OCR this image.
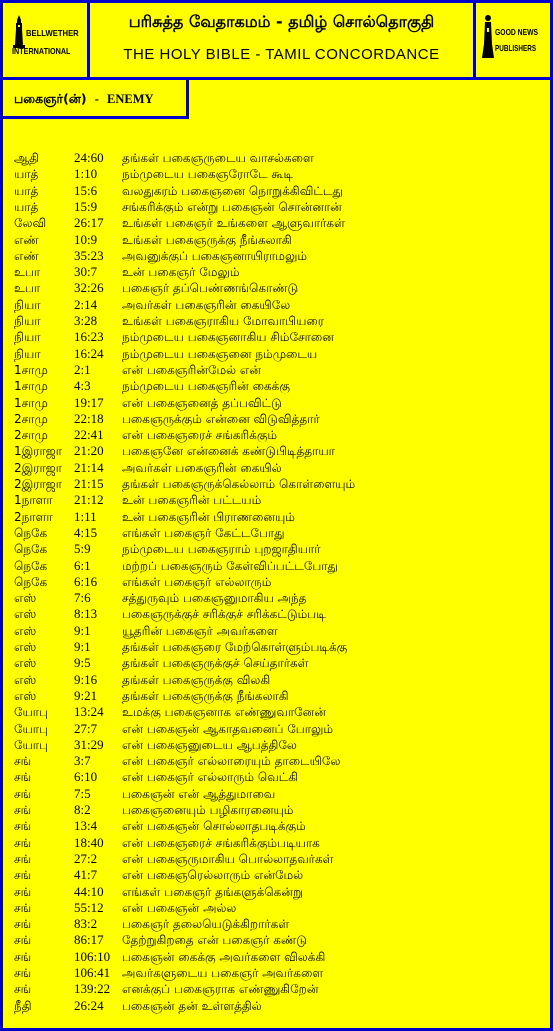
BELLWETHER
INTERNATIONAL
பரிசுத்த வேதாகமம் - தமிழ் சொல்தொகுதி
THE HOLY BIBLE - TAMIL CONCORDANCE
GOOD NEWS
PUBLISHERS
பகைஞர்(ன்) - ENEMY
ஆதி	24:60	தங்கள் பகைஞருடைய வாசல்களை
யாத்	1:10	நம்முடைய பகைஞரோடே கூடி
யாத்	15:6	வலதுகரம் பகைஞனை நொறுக்கிவிட்டது
யாத்	15:9	சங்கரிக்கும் என்று பகைஞன் சொன்னான்
லேவி	26:17	உங்கள் பகைஞர் உங்களை ஆளுவார்கள்
எண்	10:9	உங்கள் பகைஞருக்கு நீங்கலாகி
எண்	35:23	அவனுக்குப் பகைஞனாயிராமலும்
உபா	30:7	உன் பகைஞர் மேலும்
உபா	32:26	பகைஞர் தப்பெண்ணங்கொண்டு
நியா	2:14	அவர்கள் பகைஞரின் கையிலே
நியா	3:28	உங்கள் பகைஞராகிய மோவாபியரை
நியா	16:23	நம்முடைய பகைஞனாகிய சிம்சோனை
நியா	16:24	நம்முடைய பகைஞனை நம்முடைய
1சாமு	2:1	என் பகைஞரின்மேல் என்
1சாமு	4:3	நம்முடைய பகைஞரின் கைக்கு
1சாமு	19:17	என் பகைஞனைத் தப்பவிட்டு
2சாமு	22:18	பகைஞருக்கும் என்னை விடுவித்தார்
2சாமு	22:41	என் பகைஞரைச் சங்கரிக்கும்
1இராஜா 21:20	பகைஞனே என்னைக் கண்டுபிடித்தாயா
2இராஜா 21:14	அவர்கள் பகைஞரின் கையில்
2இராஜா 21:15	தங்கள் பகைஞருக்கெல்லாம் கொள்ளையும்
1நாளா	21:12	உன் பகைஞரின் பட்டயம்
2நாளா	1:11	உன் பகைஞரின் பிராணனையும்
நெகே	4:15	எங்கள் பகைஞர் கேட்டபோது
நெகே	5:9	நம்முடைய பகைஞராம் புறஜாதியார்
நெகே	6:1	மற்றப் பகைஞரும் கேள்விப்பட்டபோது
நெகே	6:16	எங்கள் பகைஞர் எல்லாரும்
எஸ்	7:6	சத்துருவும் பகைஞனுமாகிய அந்த
எஸ்	8:13	பகைஞருக்குச் சரிக்குச் சரிக்கட்டும்படி
எஸ்	9:1	யூதரின் பகைஞர் அவர்களை
எஸ்	9:1	தங்கள் பகைஞரை மேற்கொள்ளும்படிக்கு
எஸ்	9:5	தங்கள் பகைஞருக்குச் செய்தார்கள்
எஸ்	9:16	தங்கள் பகைஞருக்கு விலகி
எஸ்	9:21	தங்கள் பகைஞருக்கு நீங்கலாகி
யோபு	13:24	உமக்கு பகைஞனாக எண்ணுவானேன்
யோபு	27:7	என் பகைஞன் ஆகாதவனைப் போலும்
யோபு	31:29	என் பகைஞனுடைய ஆபத்திலே
சங்	3:7	என் பகைஞர் எல்லாரையும் தாடையிலே
சங்	6:10	என் பகைஞர் எல்லாரும் வெட்கி
சங்	7:5	பகைஞன் என் ஆத்துமாவை
சங்	8:2	பகைஞனையும் பழிகாரனையும்
சங்	13:4	என் பகைஞன் சொல்லாதபடிக்கும்
சங்	18:40	என் பகைஞரைச் சங்கரிக்கும்படியாக
சங்	27:2	என் பகைஞருமாகிய பொல்லாதவர்கள்
சங்	41:7	என் பகைஞரெல்லாரும் என்மேல்
சங்	44:10	எங்கள் பகைஞர் தங்களுக்கென்று
சங்	55:12	என் பகைஞன் அல்ல
சங்	83:2	பகைஞர் தலையெடுக்கிறார்கள்
சங்	86:17	தேற்றுகிறதை என் பகைஞர் கண்டு
சங்	106:10 பகைஞன் கைக்கு அவர்களை விலக்கி
சங்	106:41 அவர்களுடைய பகைஞர் அவர்களை
சங்	139:22 எனக்குப் பகைஞராக எண்ணுகிறேன்
நீதி	26:24	பகைஞன் தன் உள்ளத்தில்
